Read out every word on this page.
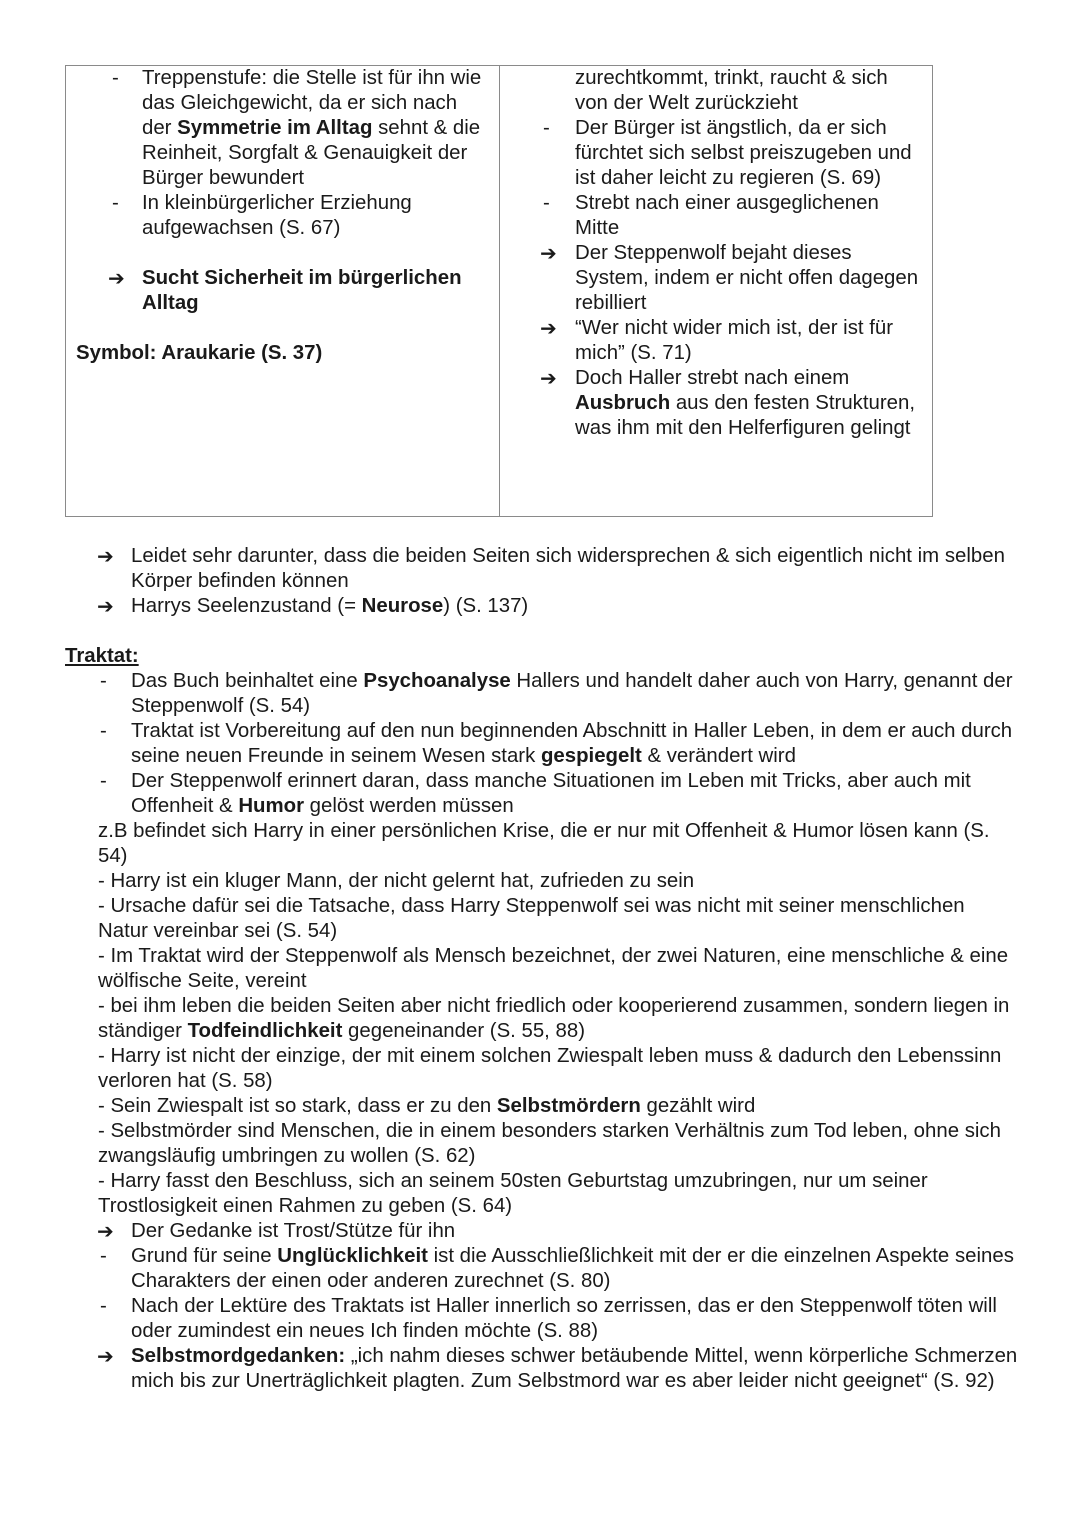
- Treppenstufe: die Stelle ist für ihn wie das Gleichgewicht, da er sich nach der Symmetrie im Alltag sehnt & die Reinheit, Sorgfalt & Genauigkeit der Bürger bewundert
- In kleinbürgerlicher Erziehung aufgewachsen (S. 67)
➔ Sucht Sicherheit im bürgerlichen Alltag
Symbol: Araukarie (S. 37)
zurechtkommt, trinkt, raucht & sich von der Welt zurückzieht
- Der Bürger ist ängstlich, da er sich fürchtet sich selbst preiszugeben und ist daher leicht zu regieren (S. 69)
- Strebt nach einer ausgeglichenen Mitte
➔ Der Steppenwolf bejaht dieses System, indem er nicht offen dagegen rebilliert
➔ “Wer nicht wider mich ist, der ist für mich” (S. 71)
➔ Doch Haller strebt nach einem Ausbruch aus den festen Strukturen, was ihm mit den Helferfiguren gelingt
➔ Leidet sehr darunter, dass die beiden Seiten sich widersprechen & sich eigentlich nicht im selben Körper befinden können
➔ Harrys Seelenzustand (= Neurose) (S. 137)
Traktat:
- Das Buch beinhaltet eine Psychoanalyse Hallers und handelt daher auch von Harry, genannt der Steppenwolf (S. 54)
- Traktat ist Vorbereitung auf den nun beginnenden Abschnitt in Haller Leben, in dem er auch durch seine neuen Freunde in seinem Wesen stark gespiegelt & verändert wird
- Der Steppenwolf erinnert daran, dass manche Situationen im Leben mit Tricks, aber auch mit Offenheit & Humor gelöst werden müssen
z.B befindet sich Harry in einer persönlichen Krise, die er nur mit Offenheit & Humor lösen kann (S. 54)
- Harry ist ein kluger Mann, der nicht gelernt hat, zufrieden zu sein
- Ursache dafür sei die Tatsache, dass Harry Steppenwolf sei was nicht mit seiner menschlichen Natur vereinbar sei (S. 54)
- Im Traktat wird der Steppenwolf als Mensch bezeichnet, der zwei Naturen, eine menschliche & eine wölfische Seite, vereint
- bei ihm leben die beiden Seiten aber nicht friedlich oder kooperierend zusammen, sondern liegen in ständiger Todfeindlichkeit gegeneinander (S. 55, 88)
- Harry ist nicht der einzige, der mit einem solchen Zwiespalt leben muss & dadurch den Lebenssinn verloren hat (S. 58)
- Sein Zwiespalt ist so stark, dass er zu den Selbstmördern gezählt wird
- Selbstmörder sind Menschen, die in einem besonders starken Verhältnis zum Tod leben, ohne sich zwangsläufig umbringen zu wollen (S. 62)
- Harry fasst den Beschluss, sich an seinem 50sten Geburtstag umzubringen, nur um seiner Trostlosigkeit einen Rahmen zu geben (S. 64)
➔ Der Gedanke ist Trost/Stütze für ihn
- Grund für seine Unglücklichkeit ist die Ausschließlichkeit mit der er die einzelnen Aspekte seines Charakters der einen oder anderen zurechnet (S. 80)
- Nach der Lektüre des Traktats ist Haller innerlich so zerrissen, das er den Steppenwolf töten will oder zumindest ein neues Ich finden möchte (S. 88)
➔ Selbstmordgedanken: „ich nahm dieses schwer betäubende Mittel, wenn körperliche Schmerzen mich bis zur Unerträglichkeit plagten. Zum Selbstmord war es aber leider nicht geeignet“ (S. 92)
